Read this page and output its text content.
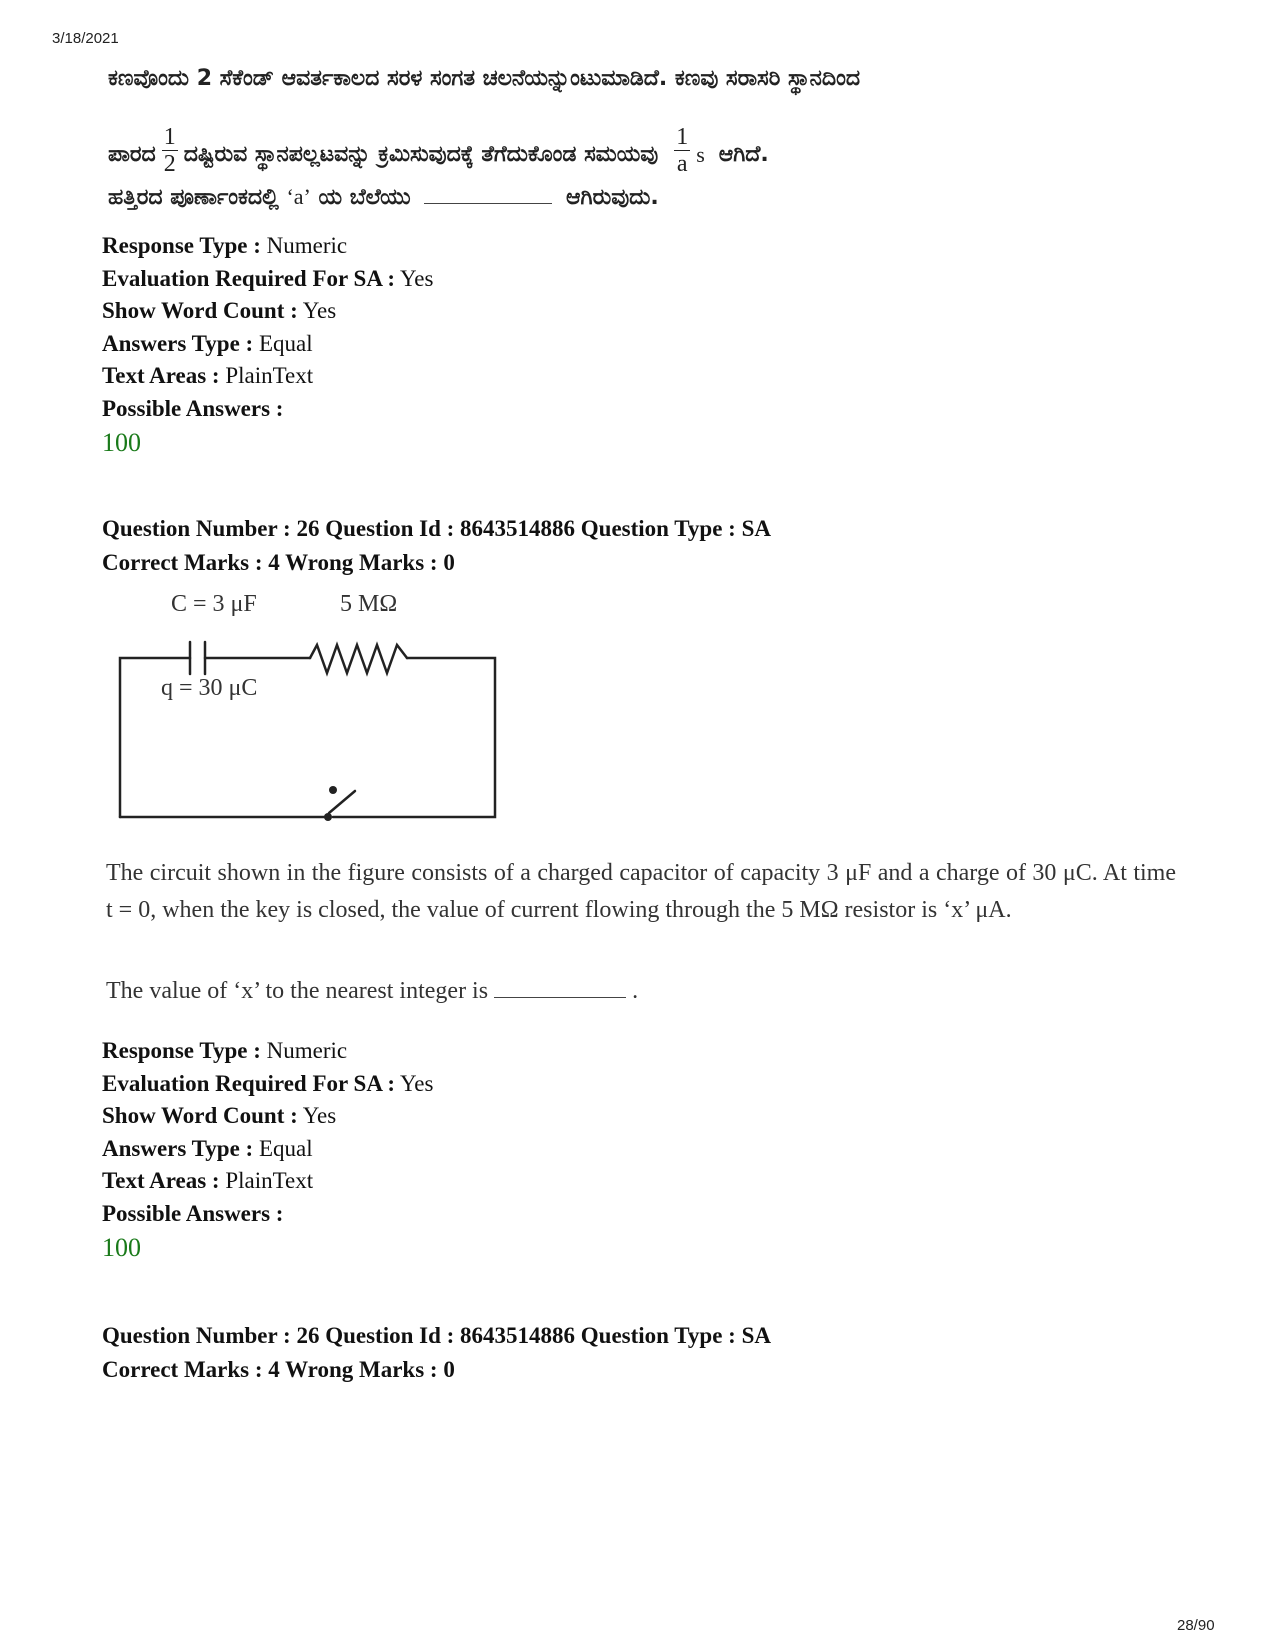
3/18/2021
ಕಣವೊಂದು 2 ಸೆಕೆಂಡ್ ಆವರ್ತಕಾಲದ ಸರಳ ಸಂಗತ ಚಲನೆಯನ್ನುಂಟುಮಾಡಿದೆ. ಕಣವು ಸರಾಸರಿ ಸ್ಥಾನದಿಂದ
ಪಾರದ $\frac{1}{2}$ ದಷ್ಟಿರುವ ಸ್ಥಾನಪಲ್ಲಟವನ್ನು ಕ್ರಮಿಸುವುದಕ್ಕೆ ತೆಗೆದುಕೊಂಡ ಸಮಯವು $\frac{1}{a}$ s ಆಗಿದೆ.
ಹತ್ತಿರದ ಪೂರ್ಣಾಂಕದಲ್ಲಿ ‘a’ ಯ ಬೆಲೆಯು	ಆಗಿರುವುದು.
Response Type : Numeric
Evaluation Required For SA : Yes
Show Word Count : Yes
Answers Type : Equal
Text Areas : PlainText
Possible Answers :
100
Question Number : 26 Question Id : 8643514886 Question Type : SA
Correct Marks : 4 Wrong Marks : 0
C = 3 μF	5 MΩ
q = 30 μC
The circuit shown in the figure consists of a charged capacitor of capacity 3 μF and a charge of 30 μC. At time t = 0, when the key is closed, the value of current flowing through the 5 MΩ resistor is ‘x’ μA.
The value of ‘x’ to the nearest integer is	.
Response Type : Numeric
Evaluation Required For SA : Yes
Show Word Count : Yes
Answers Type : Equal
Text Areas : PlainText
Possible Answers :
100
Question Number : 26 Question Id : 8643514886 Question Type : SA
Correct Marks : 4 Wrong Marks : 0
28/90
